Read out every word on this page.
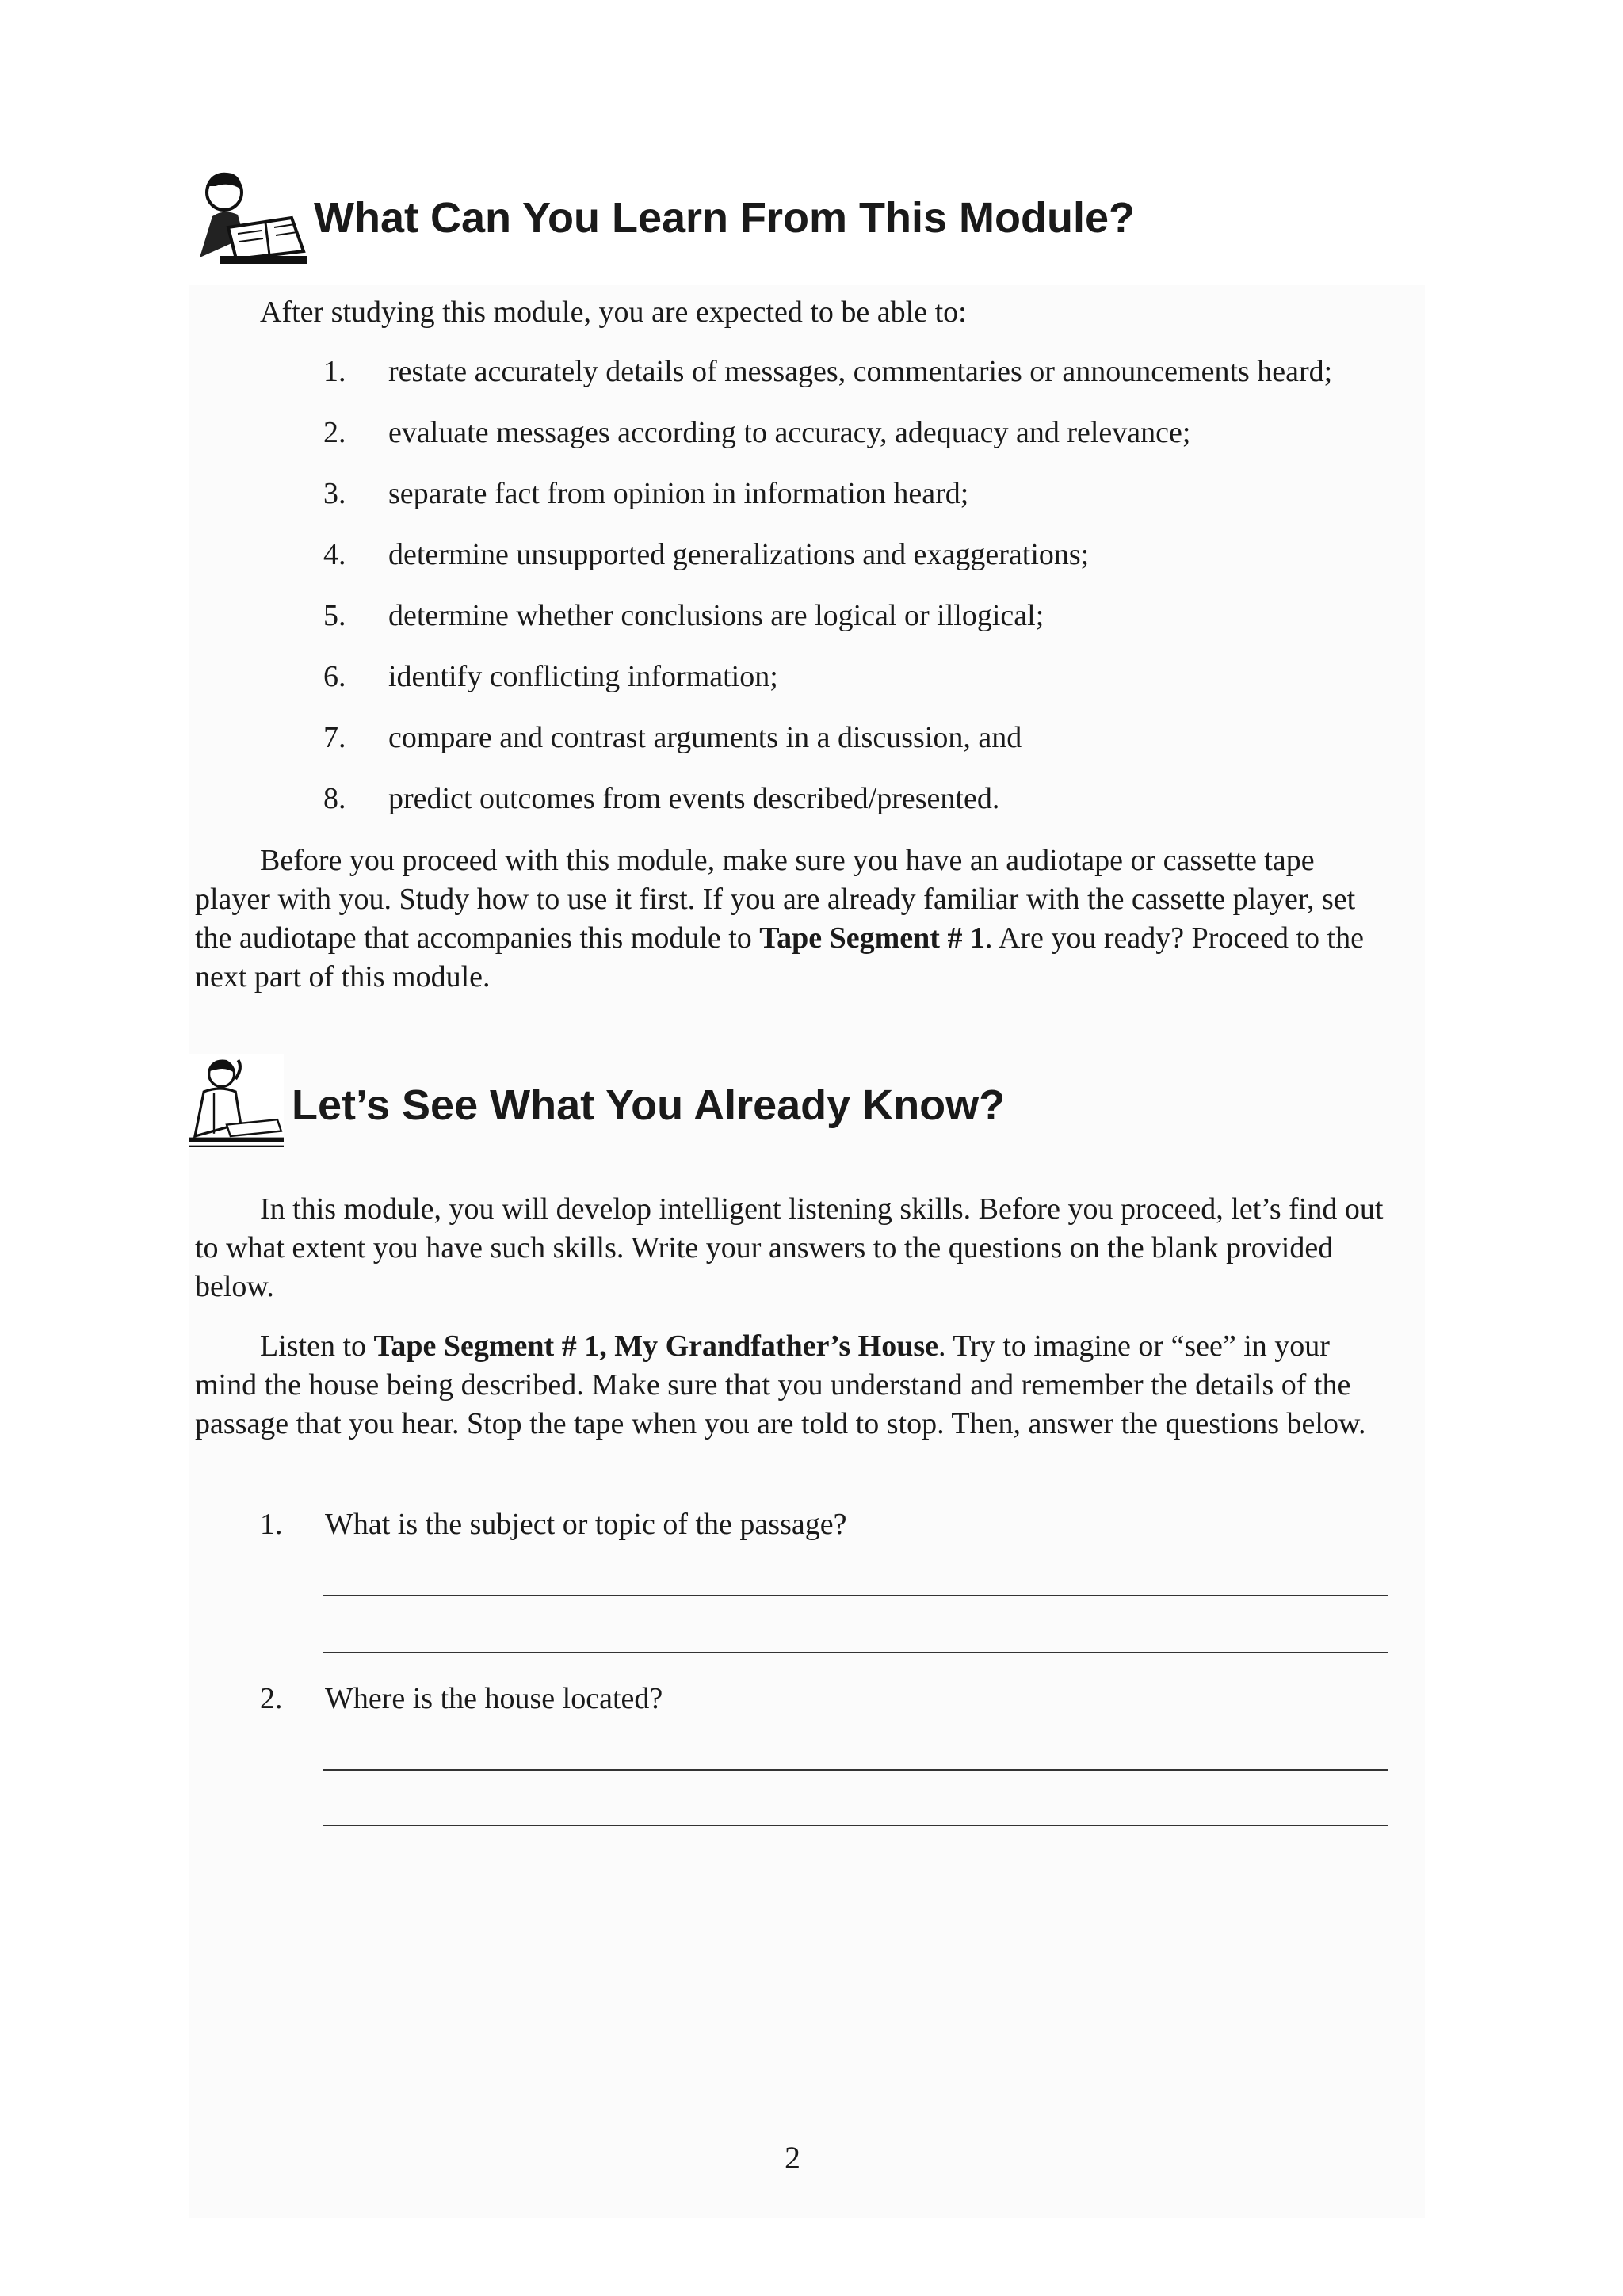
What Can You Learn From This Module?

After studying this module, you are expected to be able to:

1.	restate accurately details of messages, commentaries or announcements heard;
2.	evaluate messages according to accuracy, adequacy and relevance;
3.	separate fact from opinion in information heard;
4.	determine unsupported generalizations and exaggerations;
5.	determine whether conclusions are logical or illogical;
6.	identify conflicting information;
7.	compare and contrast arguments in a discussion, and
8.	predict outcomes from events described/presented.

Before you proceed with this module, make sure you have an audiotape or cassette tape player with you. Study how to use it first. If you are already familiar with the cassette player, set the audiotape that accompanies this module to Tape Segment # 1. Are you ready? Proceed to the next part of this module.

Let’s See What You Already Know?

In this module, you will develop intelligent listening skills. Before you proceed, let’s find out to what extent you have such skills. Write your answers to the questions on the blank provided below.

Listen to Tape Segment # 1, My Grandfather’s House. Try to imagine or “see” in your mind the house being described. Make sure that you understand and remember the details of the passage that you hear. Stop the tape when you are told to stop. Then, answer the questions below.

1.	What is the subject or topic of the passage?
2.	Where is the house located?
2
